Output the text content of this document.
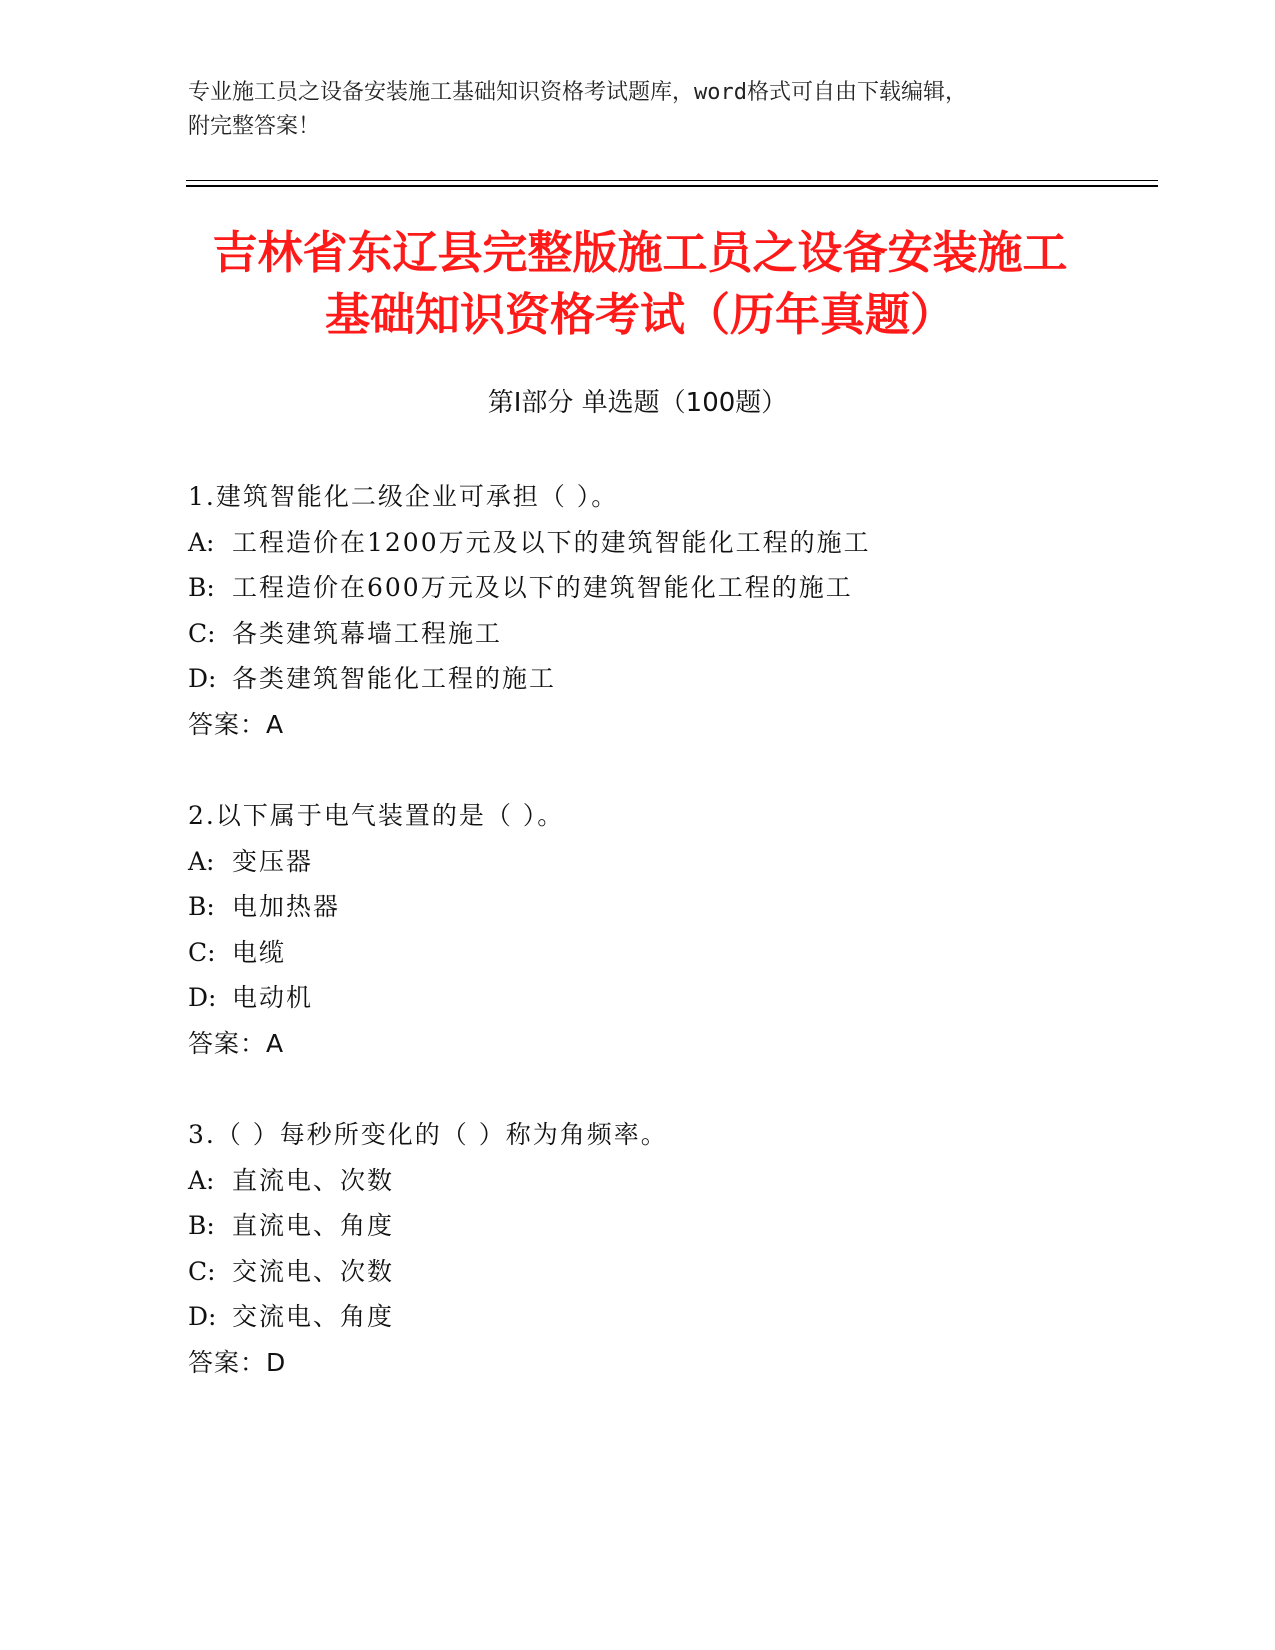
专业施工员之设备安装施工基础知识资格考试题库，word格式可自由下载编辑，
附完整答案！
吉林省东辽县完整版施工员之设备安装施工
基础知识资格考试（历年真题）
第Ⅰ部分 单选题（100题）
1.建筑智能化二级企业可承担（ ）。
A: 工程造价在1200万元及以下的建筑智能化工程的施工
B: 工程造价在600万元及以下的建筑智能化工程的施工
C: 各类建筑幕墙工程施工
D: 各类建筑智能化工程的施工
答案：A
2.以下属于电气装置的是（ ）。
A: 变压器
B: 电加热器
C: 电缆
D: 电动机
答案：A
3.（ ）每秒所变化的（ ）称为角频率。
A: 直流电、次数
B: 直流电、角度
C: 交流电、次数
D: 交流电、角度
答案：D
